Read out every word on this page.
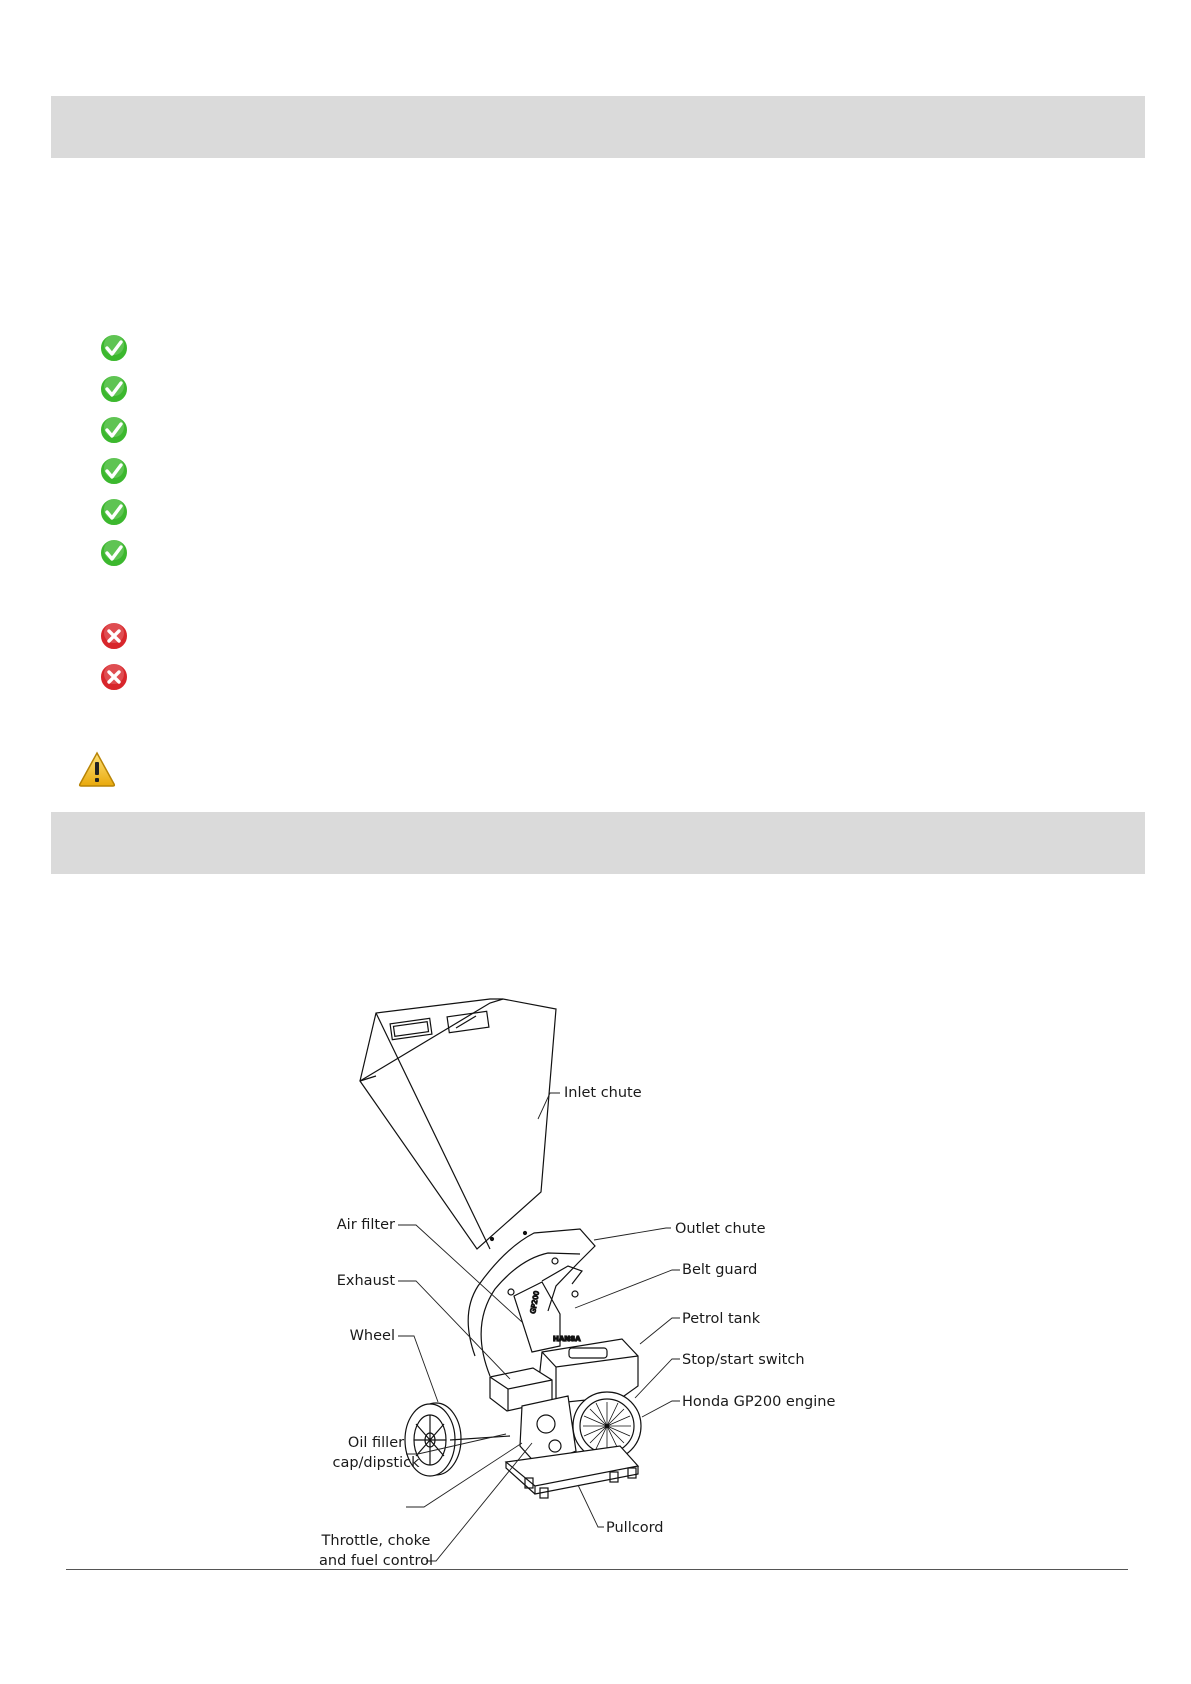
GP200
HANSA
Inlet chute
Outlet chute
Air filter
Belt guard
Exhaust
Petrol tank
Wheel
Stop/start switch
Honda GP200 engine
Oil filler
cap/dipstick
Throttle, choke
and fuel control
Pullcord
